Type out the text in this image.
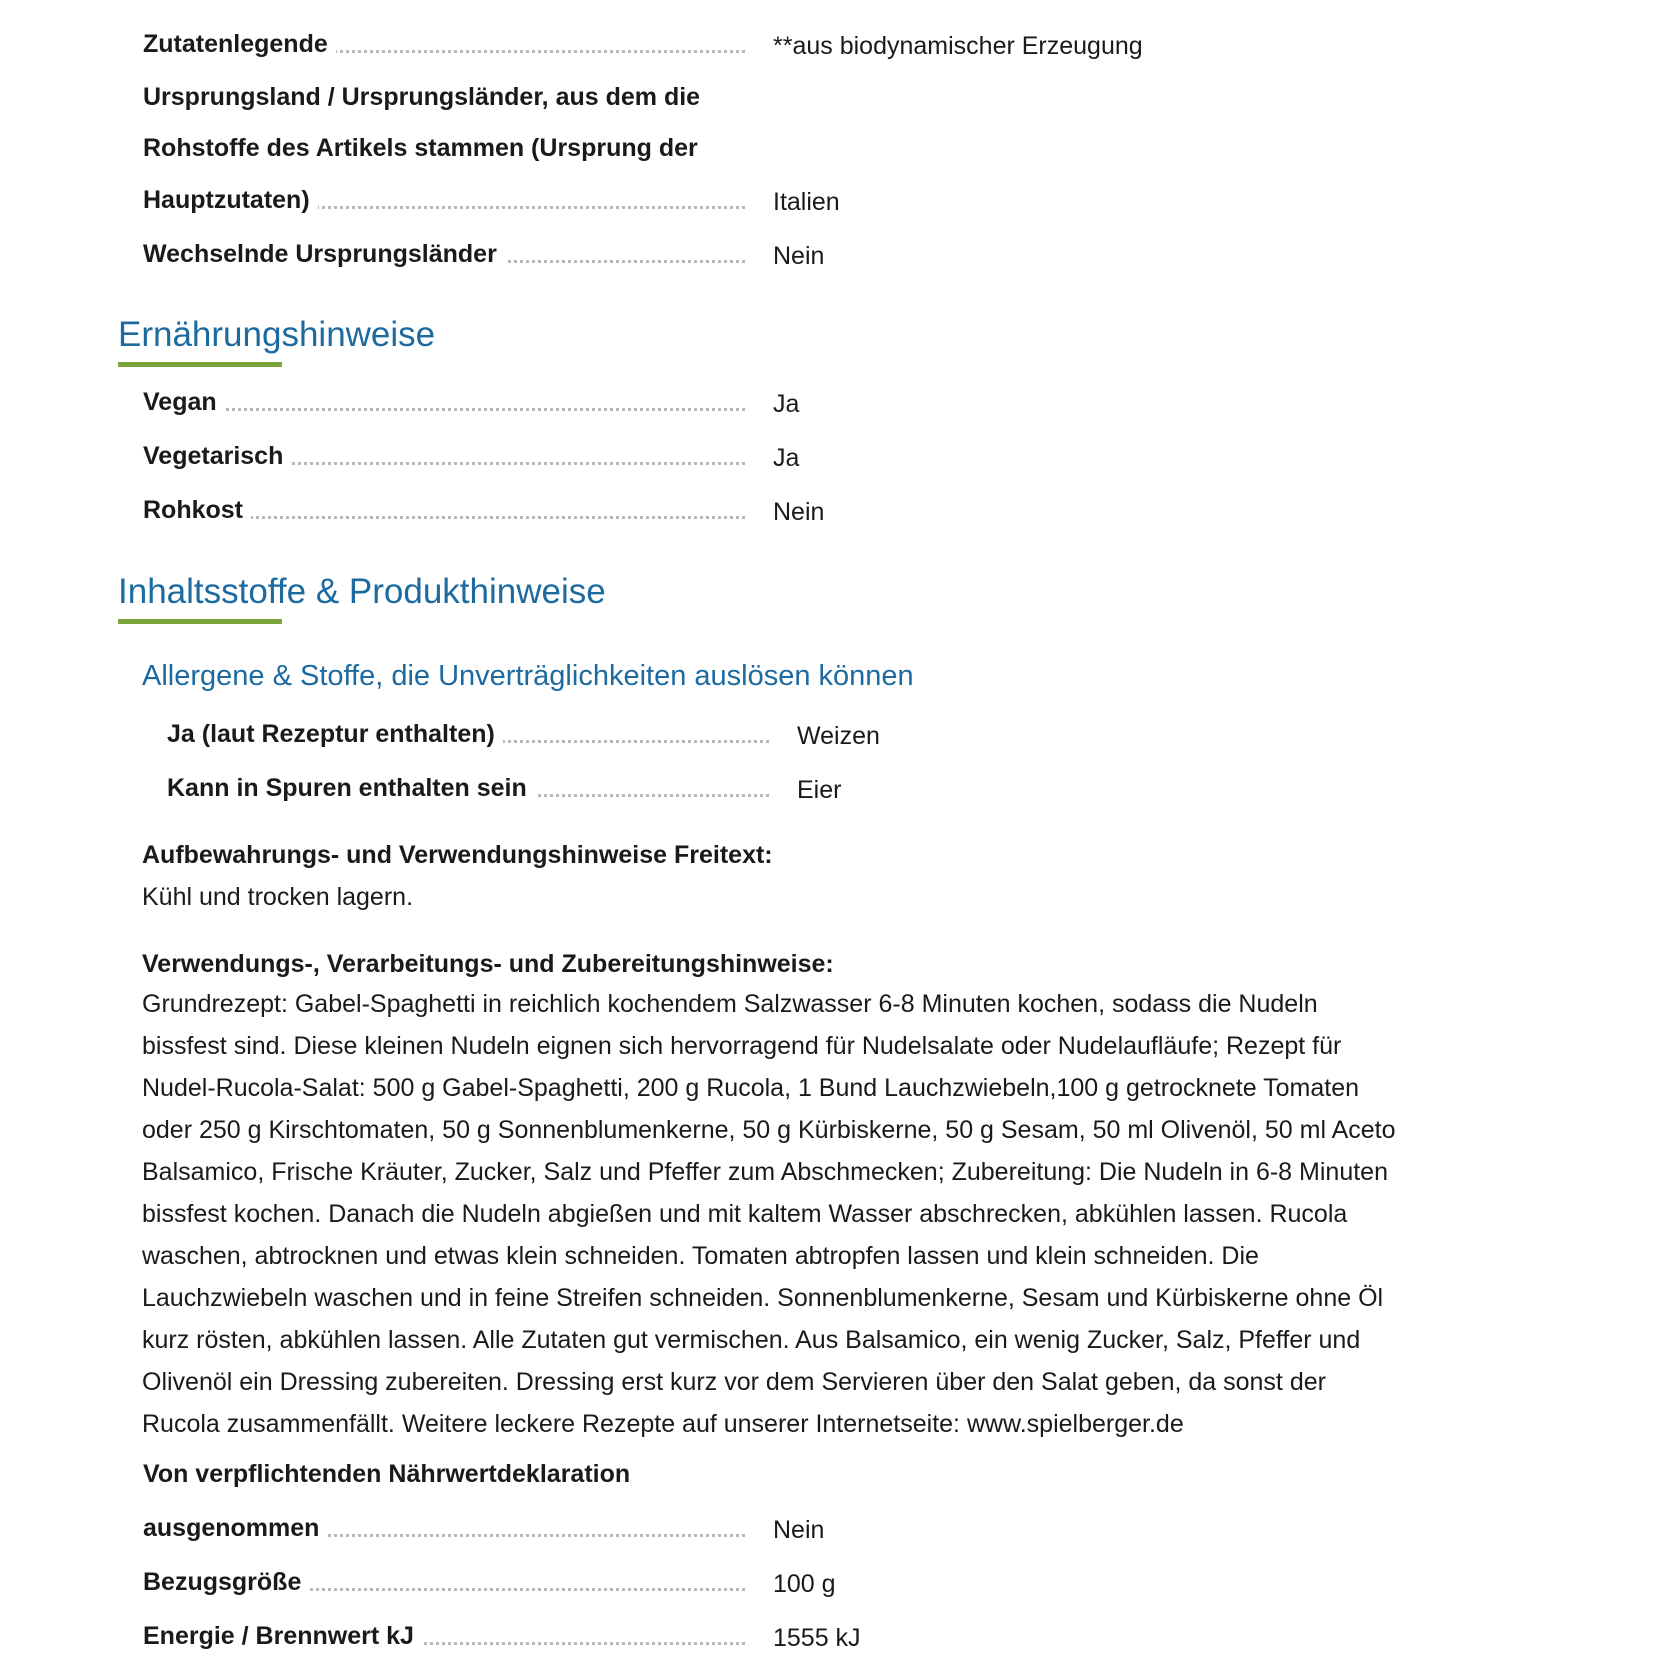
Zutatenlegende	**aus biodynamischer Erzeugung
Ursprungsland / Ursprungsländer, aus dem die
Rohstoffe des Artikels stammen (Ursprung der
Hauptzutaten)	Italien
Wechselnde Ursprungsländer	Nein
Ernährungshinweise
Vegan	Ja
Vegetarisch	Ja
Rohkost	Nein
Inhaltsstoffe & Produkthinweise
Allergene & Stoffe, die Unverträglichkeiten auslösen können
Ja (laut Rezeptur enthalten)	Weizen
Kann in Spuren enthalten sein	Eier
Aufbewahrungs- und Verwendungshinweise Freitext:
Kühl und trocken lagern.
Verwendungs-, Verarbeitungs- und Zubereitungshinweise:
Grundrezept: Gabel-Spaghetti in reichlich kochendem Salzwasser 6-8 Minuten kochen, sodass die Nudeln bissfest sind. Diese kleinen Nudeln eignen sich hervorragend für Nudelsalate oder Nudelaufläufe; Rezept für Nudel-Rucola-Salat: 500 g Gabel-Spaghetti, 200 g Rucola, 1 Bund Lauchzwiebeln,100 g getrocknete Tomaten oder 250 g Kirschtomaten, 50 g Sonnenblumenkerne, 50 g Kürbiskerne, 50 g Sesam, 50 ml Olivenöl, 50 ml Aceto Balsamico, Frische Kräuter, Zucker, Salz und Pfeffer zum Abschmecken; Zubereitung: Die Nudeln in 6-8 Minuten bissfest kochen. Danach die Nudeln abgießen und mit kaltem Wasser abschrecken, abkühlen lassen. Rucola waschen, abtrocknen und etwas klein schneiden. Tomaten abtropfen lassen und klein schneiden. Die Lauchzwiebeln waschen und in feine Streifen schneiden. Sonnenblumenkerne, Sesam und Kürbiskerne ohne Öl kurz rösten, abkühlen lassen. Alle Zutaten gut vermischen. Aus Balsamico, ein wenig Zucker, Salz, Pfeffer und Olivenöl ein Dressing zubereiten. Dressing erst kurz vor dem Servieren über den Salat geben, da sonst der Rucola zusammenfällt. Weitere leckere Rezepte auf unserer Internetseite: www.spielberger.de
Von verpflichtenden Nährwertdeklaration
ausgenommen	Nein
Bezugsgröße	100 g
Energie / Brennwert kJ	1555 kJ
